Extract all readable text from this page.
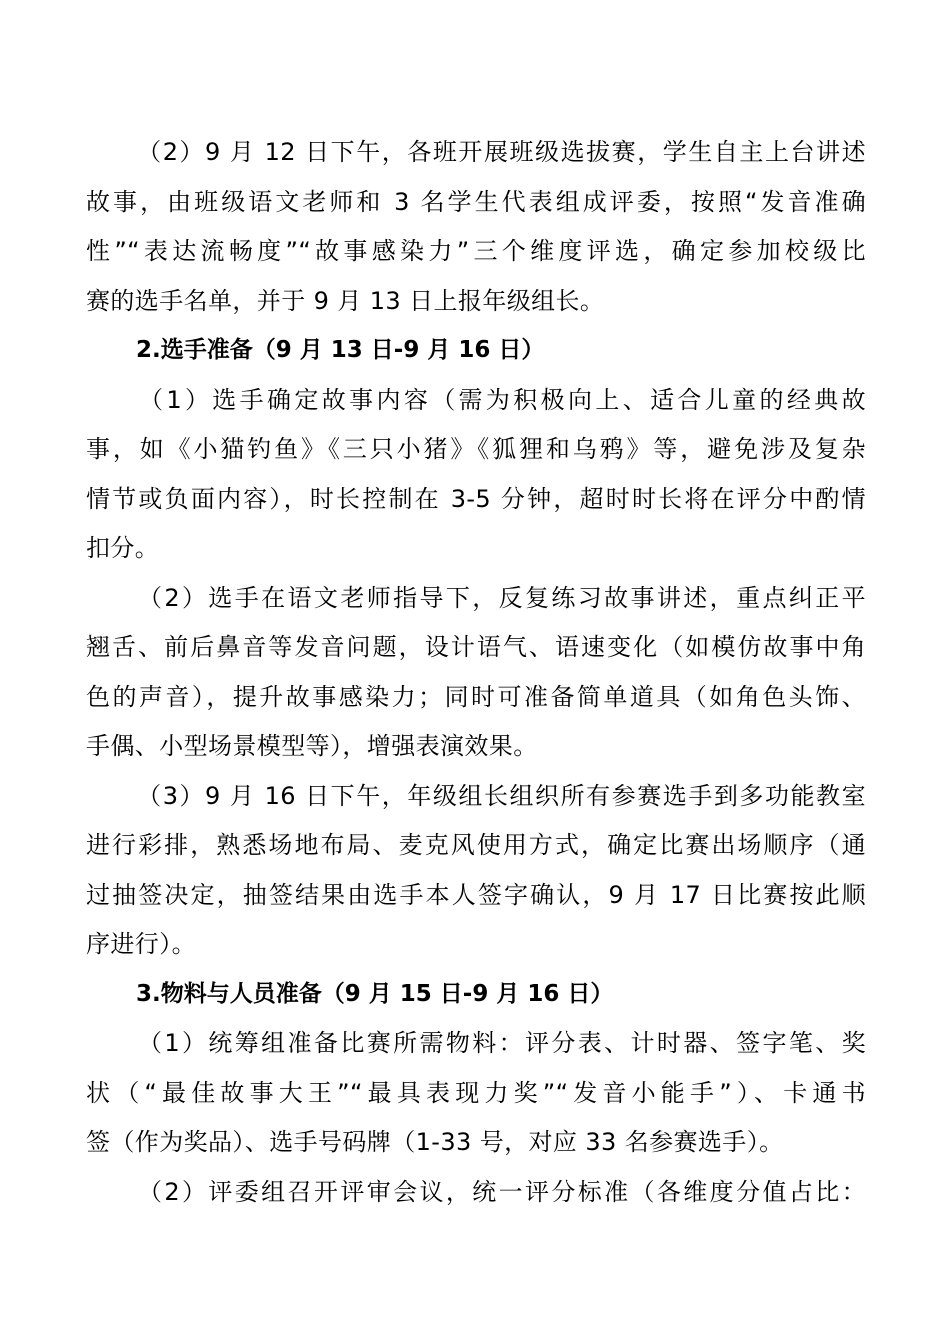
（2）9 月 12 日下午，各班开展班级选拔赛，学生自主上台讲述
故事，由班级语文老师和 3 名学生代表组成评委，按照“发音准确
性”“表达流畅度”“故事感染力”三个维度评选，确定参加校级比
赛的选手名单，并于 9 月 13 日上报年级组长。
2.选手准备（9 月 13 日-9 月 16 日）
（1）选手确定故事内容（需为积极向上、适合儿童的经典故
事，如《小猫钓鱼》《三只小猪》《狐狸和乌鸦》等，避免涉及复杂
情节或负面内容），时长控制在 3-5 分钟，超时时长将在评分中酌情
扣分。
（2）选手在语文老师指导下，反复练习故事讲述，重点纠正平
翘舌、前后鼻音等发音问题，设计语气、语速变化（如模仿故事中角
色的声音），提升故事感染力；同时可准备简单道具（如角色头饰、
手偶、小型场景模型等），增强表演效果。
（3）9 月 16 日下午，年级组长组织所有参赛选手到多功能教室
进行彩排，熟悉场地布局、麦克风使用方式，确定比赛出场顺序（通
过抽签决定，抽签结果由选手本人签字确认，9 月 17 日比赛按此顺
序进行）。
3.物料与人员准备（9 月 15 日-9 月 16 日）
（1）统筹组准备比赛所需物料：评分表、计时器、签字笔、奖
状（“最佳故事大王”“最具表现力奖”“发音小能手”）、卡通书
签（作为奖品）、选手号码牌（1-33 号，对应 33 名参赛选手）。
（2）评委组召开评审会议，统一评分标准（各维度分值占比：
